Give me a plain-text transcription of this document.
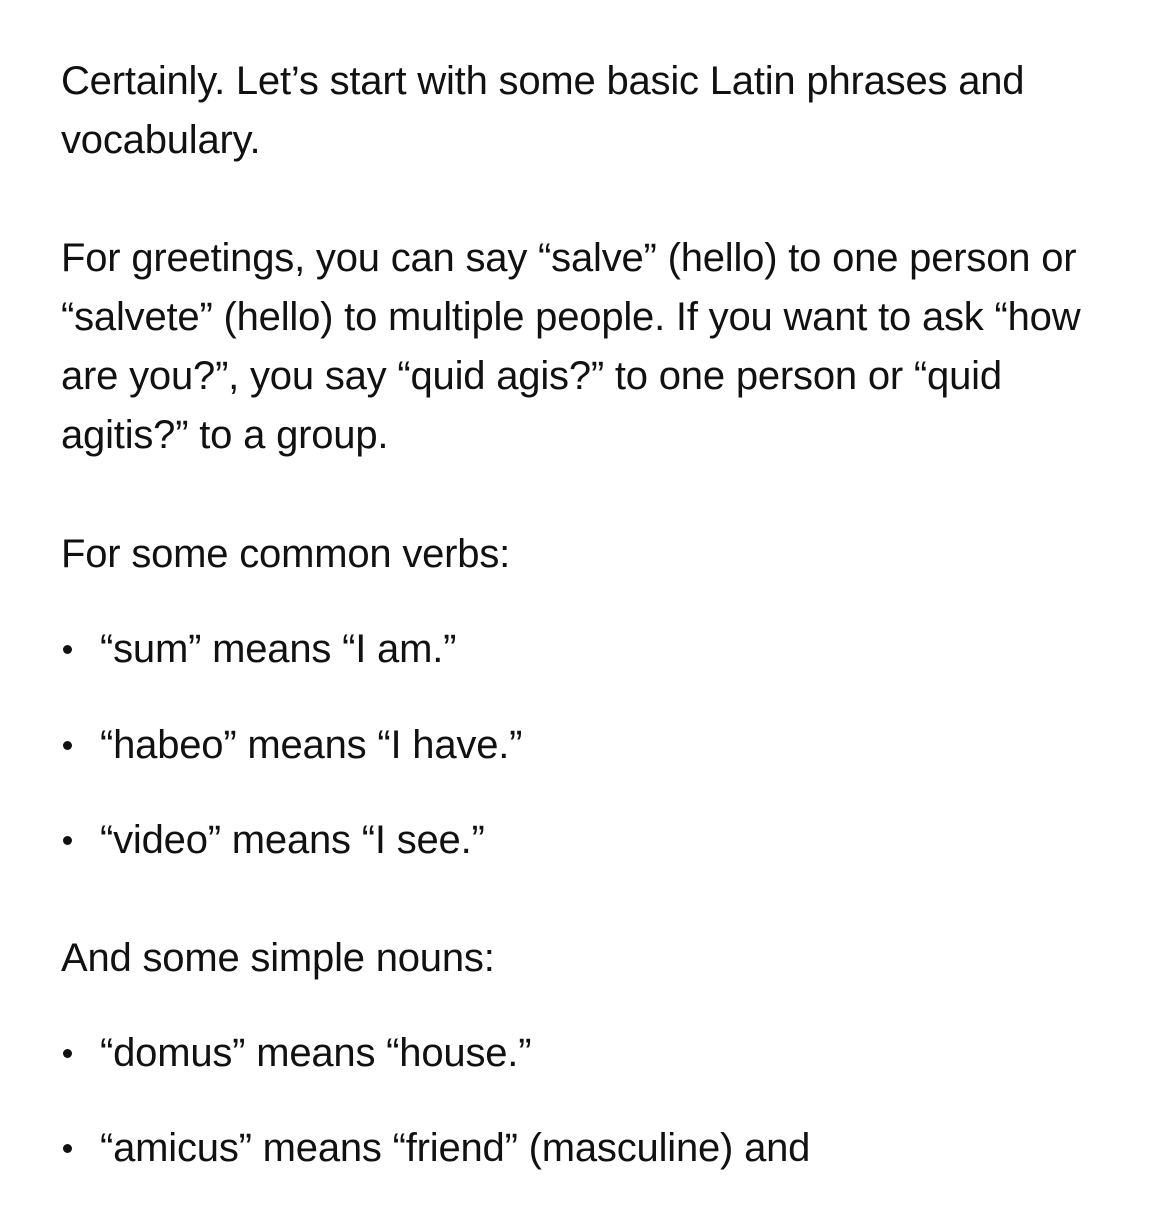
Certainly. Let’s start with some basic Latin phrases and vocabulary.

For greetings, you can say “salve” (hello) to one person or “salvete” (hello) to multiple people. If you want to ask “how are you?”, you say “quid agis?” to one person or “quid agitis?” to a group.

For some common verbs:

“sum” means “I am.”
“habeo” means “I have.”
“video” means “I see.”

And some simple nouns:

“domus” means “house.”
“amicus” means “friend” (masculine) and
